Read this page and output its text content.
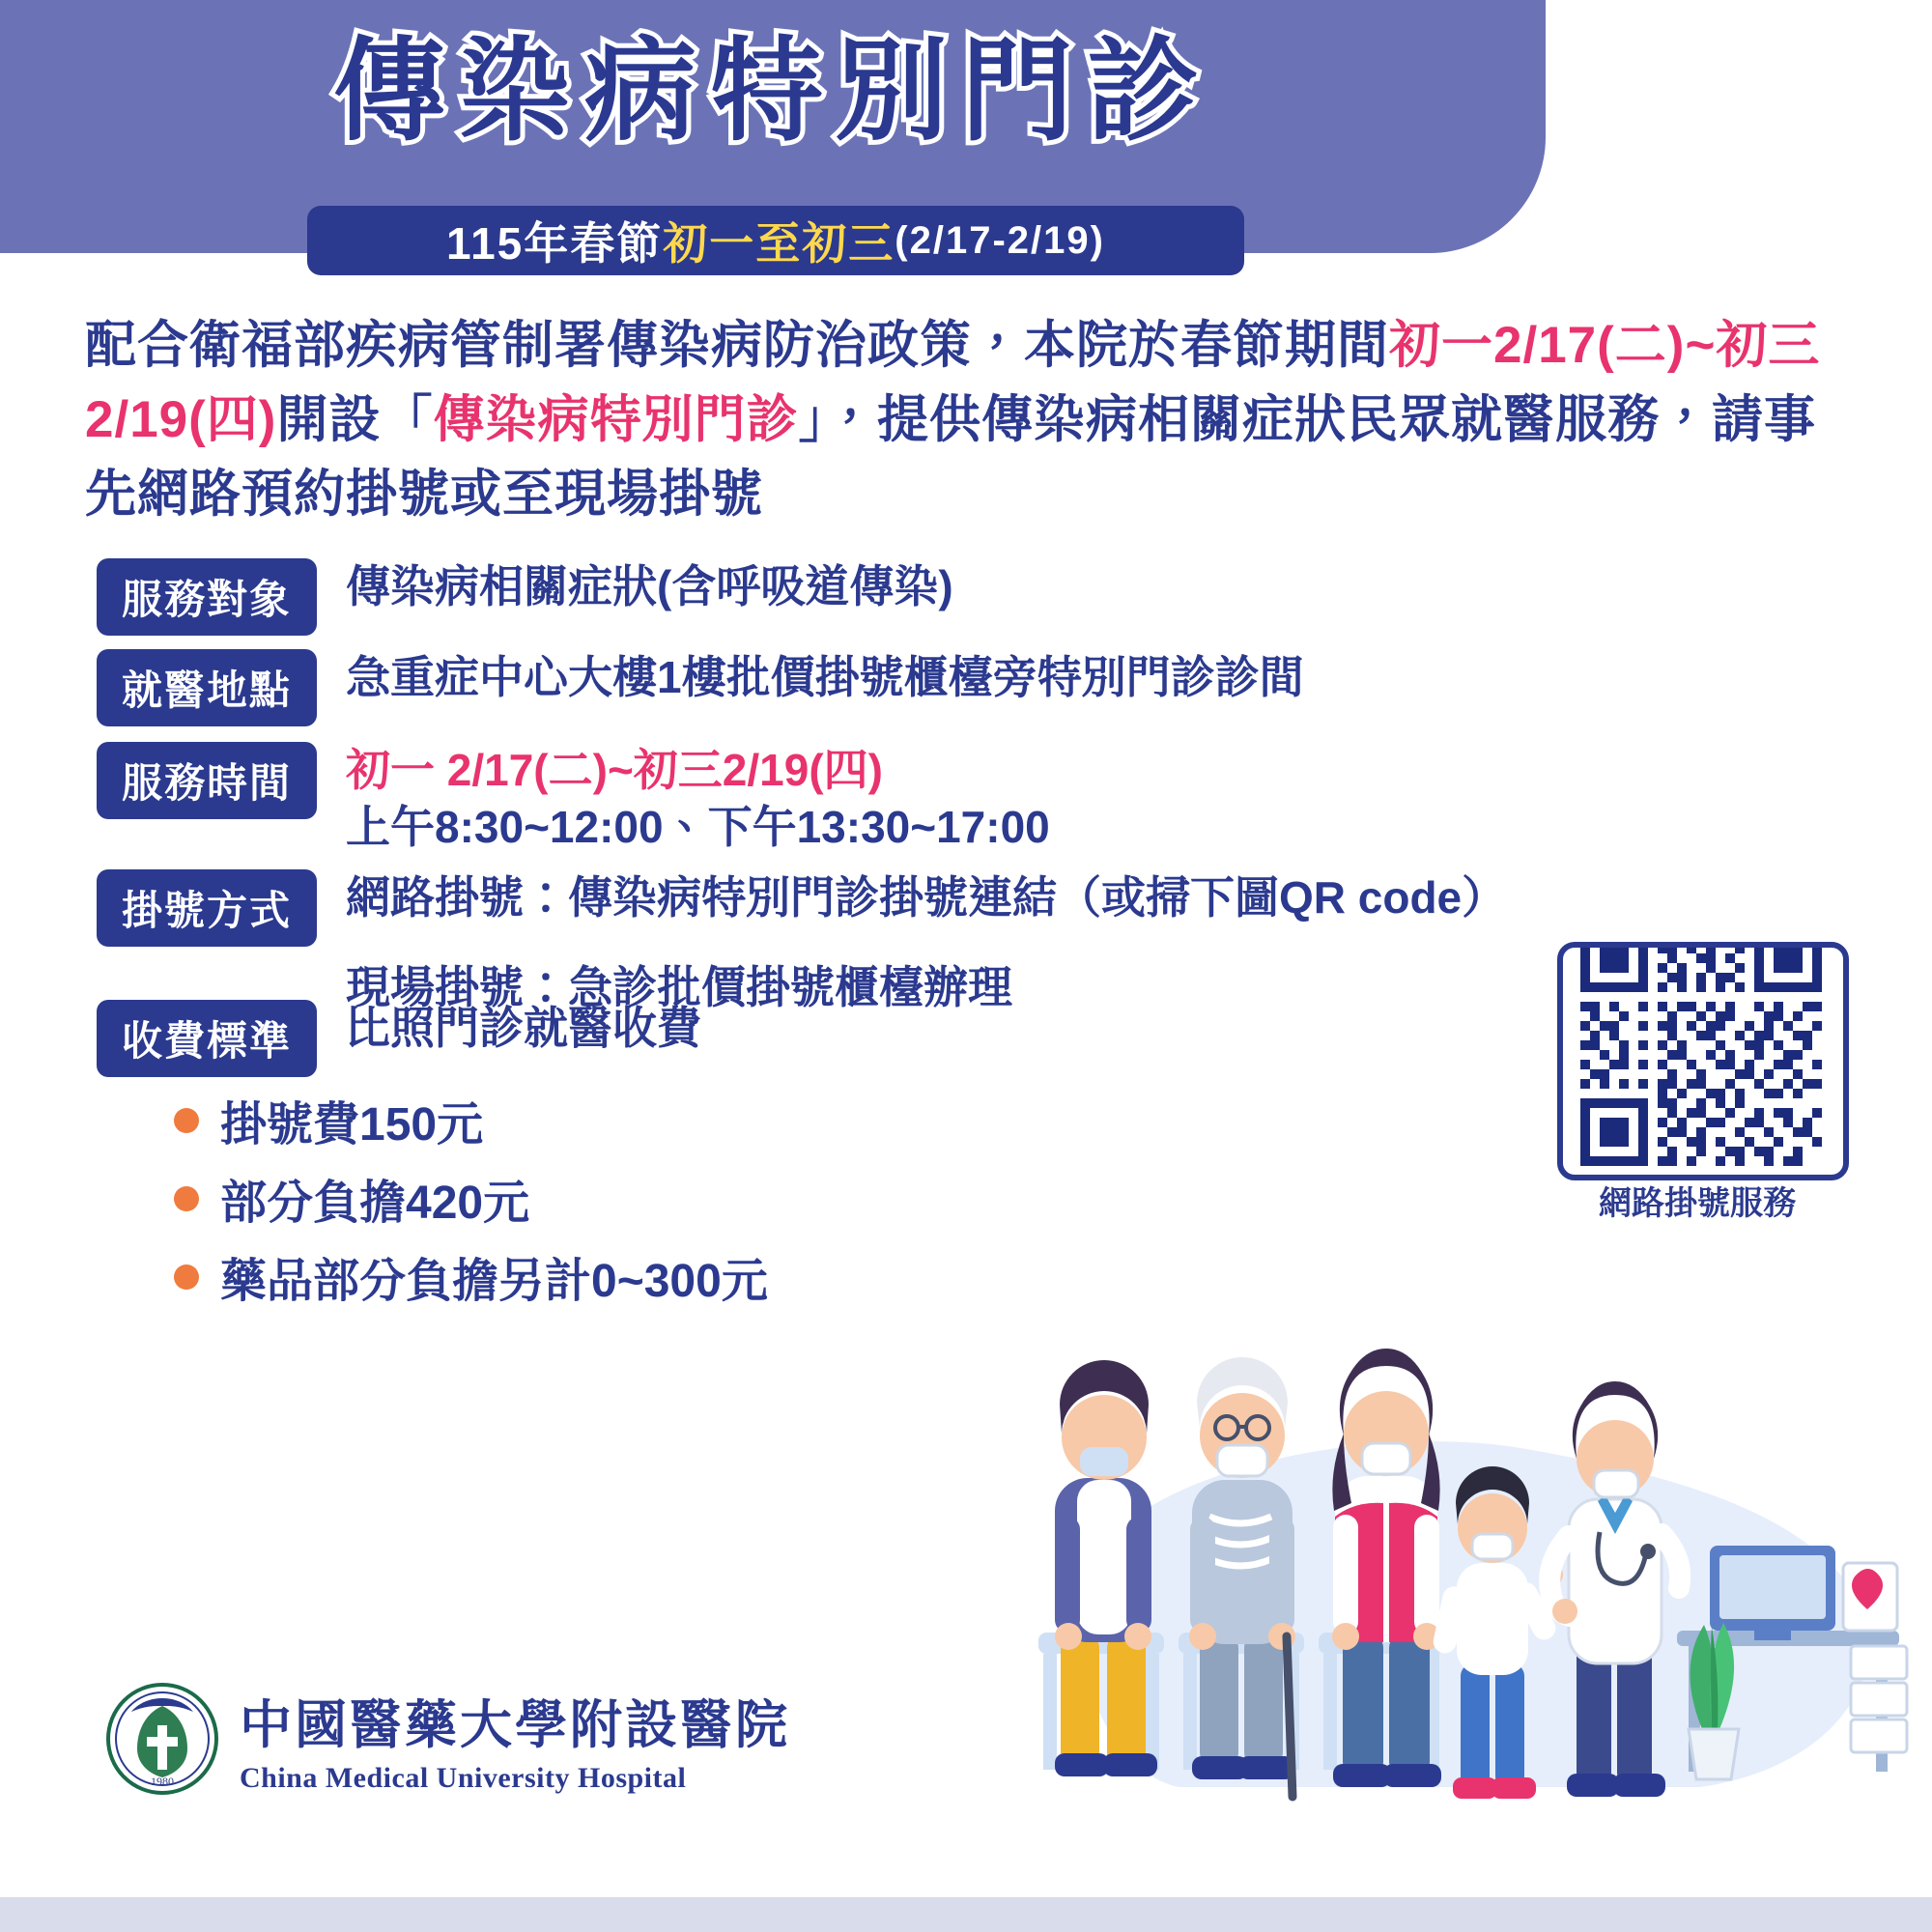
傳染病特別門診
115年春節 初一至初三 (2/17-2/19)
配合衛福部疾病管制署傳染病防治政策，本院於春節期間初一2/17(二)~初三2/19(四)開設「傳染病特別門診」，提供傳染病相關症狀民眾就醫服務，請事先網路預約掛號或至現場掛號
服務對象	傳染病相關症狀(含呼吸道傳染)
就醫地點	急重症中心大樓1樓批價掛號櫃檯旁特別門診診間
服務時間	初一 2/17(二)~初三2/19(四)
上午8:30~12:00、下午13:30~17:00
掛號方式	網路掛號：傳染病特別門診掛號連結（或掃下圖QR code）
現場掛號：急診批價掛號櫃檯辦理
收費標準	比照門診就醫收費
掛號費150元
部分負擔420元
藥品部分負擔另計0~300元
網路掛號服務
1980
中國醫藥大學附設醫院
China Medical University Hospital
